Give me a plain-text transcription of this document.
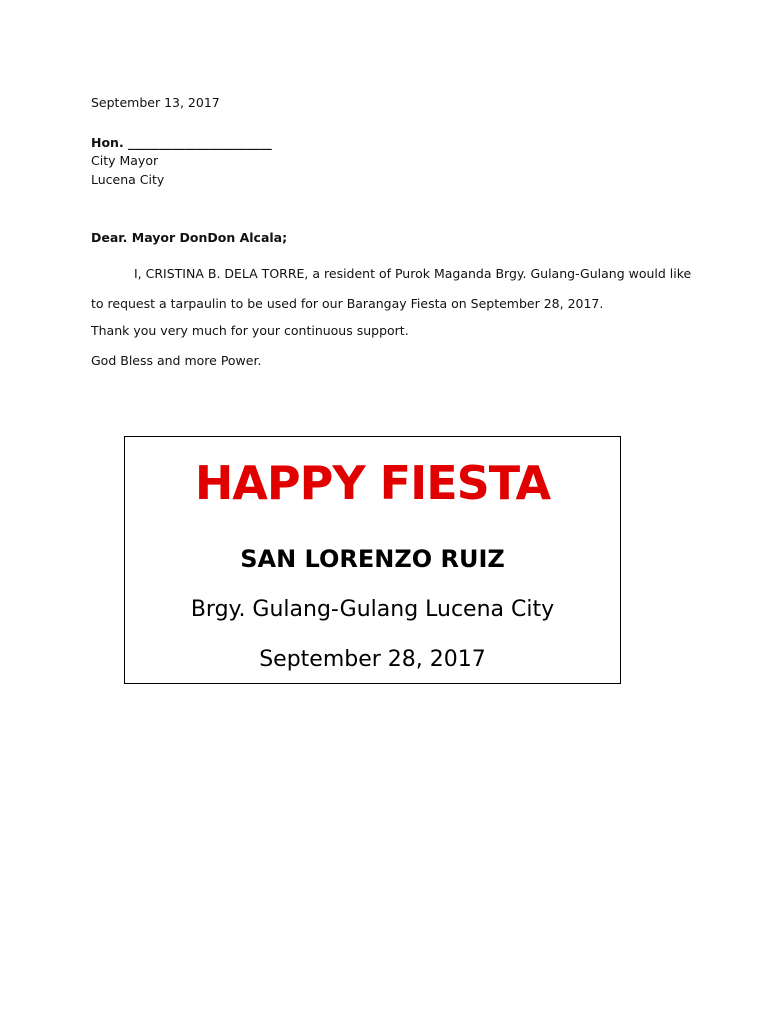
September 13, 2017
Hon. _______________________
City Mayor
Lucena City
Dear. Mayor DonDon Alcala;
I, CRISTINA B. DELA TORRE, a resident of Purok Maganda Brgy. Gulang-Gulang would like
to request a tarpaulin to be used for our Barangay Fiesta on September 28, 2017.
Thank you very much for your continuous support.
God Bless and more Power.
HAPPY FIESTA
SAN LORENZO RUIZ
Brgy. Gulang-Gulang Lucena City
September 28, 2017
